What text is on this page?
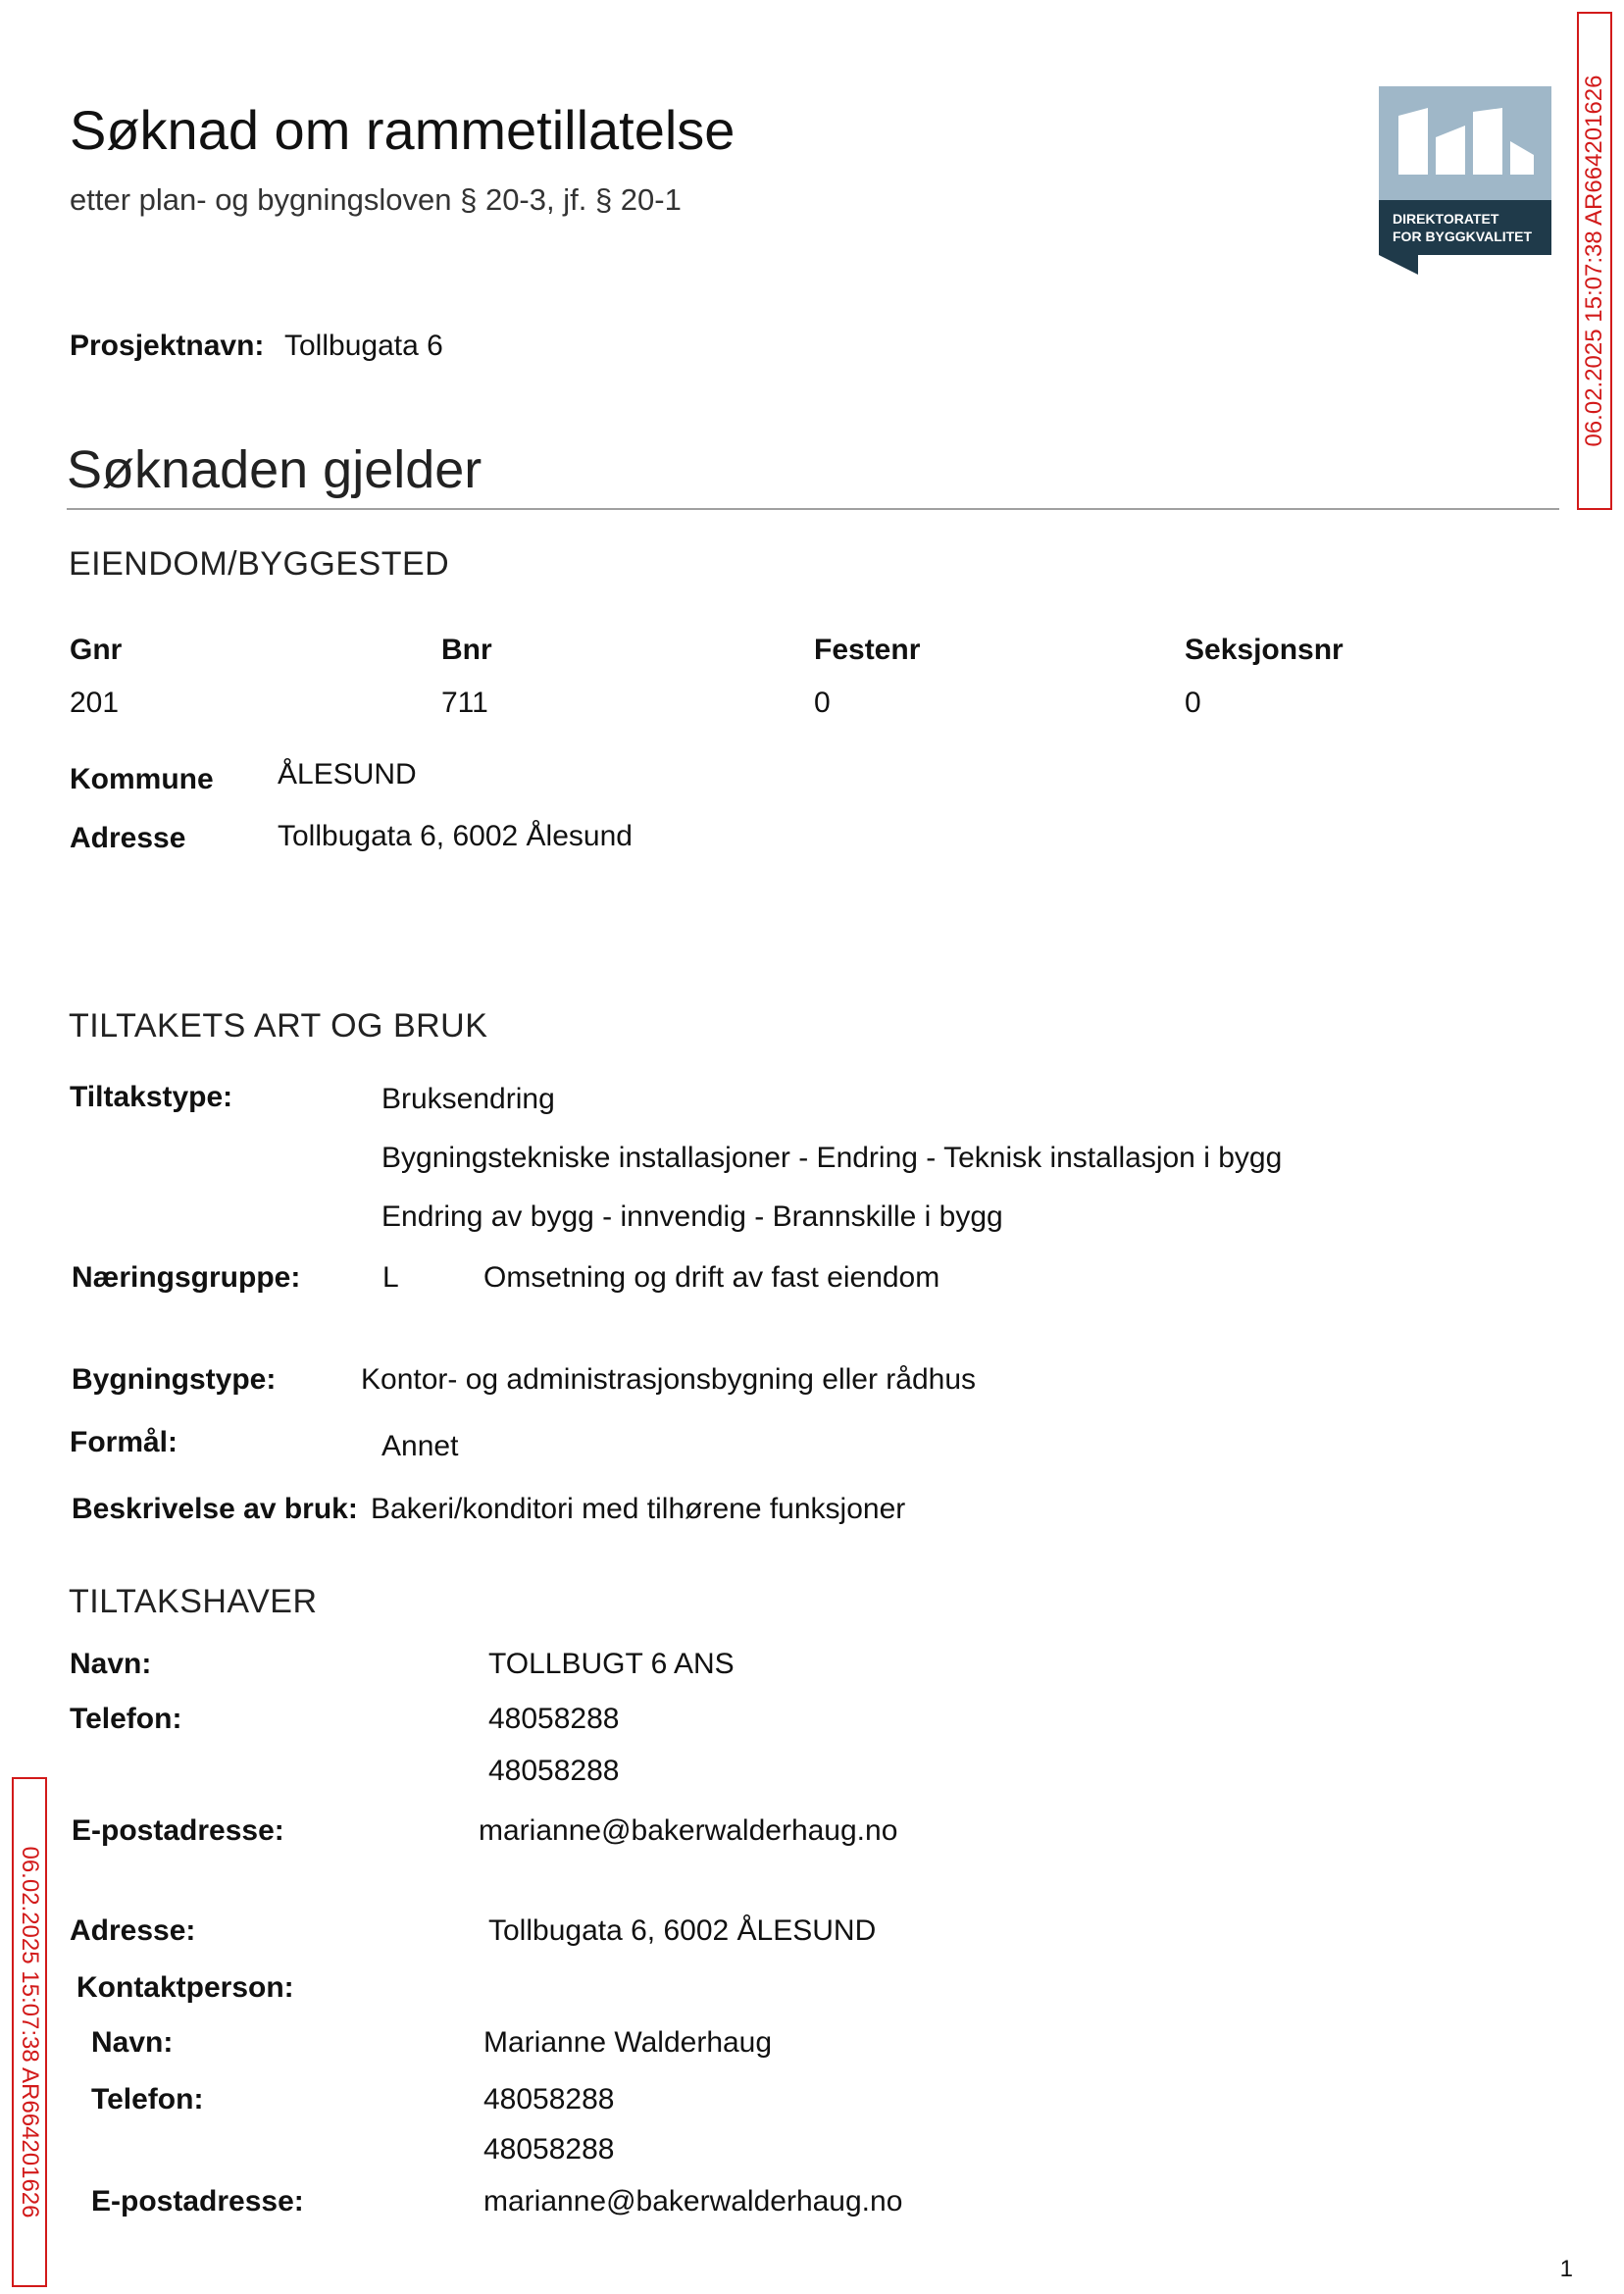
Søknad om rammetillatelse
etter plan- og bygningsloven § 20-3, jf. § 20-1
DIREKTORATET
FOR BYGGKVALITET 06.02.2025 15:07:38 AR664201626
Prosjektnavn: Tollbugata 6
Søknaden gjelder
EIENDOM/BYGGESTED
Gnr	Bnr	Festenr	Seksjonsnr
201	711	0	0
Kommune ÅLESUND
Adresse	Tollbugata 6, 6002 Ålesund
TILTAKETS ART OG BRUK
Tiltakstype:	Bruksendring
Bygningstekniske installasjoner - Endring - Teknisk installasjon i bygg
Endring av bygg - innvendig - Brannskille i bygg
Næringsgruppe:	L	Omsetning og drift av fast eiendom
Bygningstype:	Kontor- og administrasjonsbygning eller rådhus
Formål:	Annet
Beskrivelse av bruk: Bakeri/konditori med tilhørene funksjoner
TILTAKSHAVER
Navn:	TOLLBUGT 6 ANS
Telefon:	48058288
48058288
E-postadresse:	marianne@bakerwalderhaug.no
Adresse:	Tollbugata 6, 6002 ÅLESUND
Kontaktperson:
Navn:	Marianne Walderhaug
Telefon:	48058288
48058288
E-postadresse:	marianne@bakerwalderhaug.no
06.02.2025 15:07:38 AR664201626
1
